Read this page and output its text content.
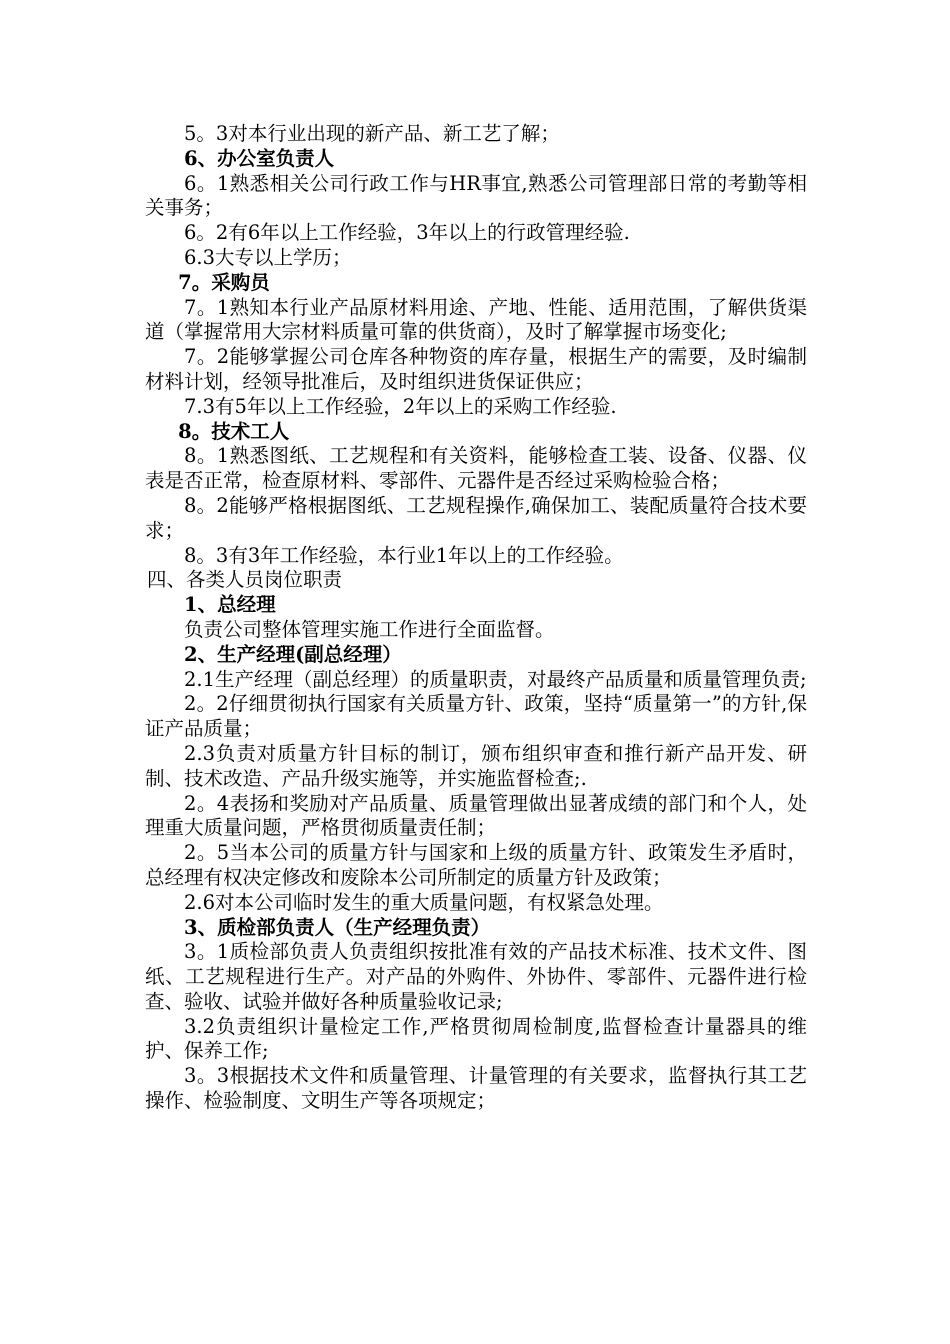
5。3对本行业出现的新产品、新工艺了解；
6、办公室负责人
6。1熟悉相关公司行政工作与HR事宜,熟悉公司管理部日常的考勤等相关事务；
6。2有6年以上工作经验，3年以上的行政管理经验.
6.3大专以上学历；
7。采购员
7。1熟知本行业产品原材料用途、产地、性能、适用范围，了解供货渠道（掌握常用大宗材料质量可靠的供货商），及时了解掌握市场变化;
7。2能够掌握公司仓库各种物资的库存量，根据生产的需要，及时编制材料计划，经领导批准后，及时组织进货保证供应；
7.3有5年以上工作经验，2年以上的采购工作经验.
8。技术工人
8。1熟悉图纸、工艺规程和有关资料，能够检查工装、设备、仪器、仪表是否正常，检查原材料、零部件、元器件是否经过采购检验合格；
8。2能够严格根据图纸、工艺规程操作,确保加工、装配质量符合技术要求；
8。3有3年工作经验，本行业1年以上的工作经验。
四、各类人员岗位职责
1、总经理
负责公司整体管理实施工作进行全面监督。
2、生产经理(副总经理）
2.1生产经理（副总经理）的质量职责，对最终产品质量和质量管理负责;
2。2仔细贯彻执行国家有关质量方针、政策，坚持“质量第一”的方针,保证产品质量；
2.3负责对质量方针目标的制订，颁布组织审查和推行新产品开发、研制、技术改造、产品升级实施等，并实施监督检查;.
2。4表扬和奖励对产品质量、质量管理做出显著成绩的部门和个人，处理重大质量问题，严格贯彻质量责任制；
2。5当本公司的质量方针与国家和上级的质量方针、政策发生矛盾时，总经理有权决定修改和废除本公司所制定的质量方针及政策；
2.6对本公司临时发生的重大质量问题，有权紧急处理。
3、质检部负责人（生产经理负责）
3。1质检部负责人负责组织按批准有效的产品技术标准、技术文件、图纸、工艺规程进行生产。对产品的外购件、外协件、零部件、元器件进行检查、验收、试验并做好各种质量验收记录;
3.2负责组织计量检定工作,严格贯彻周检制度,监督检查计量器具的维护、保养工作;
3。3根据技术文件和质量管理、计量管理的有关要求，监督执行其工艺操作、检验制度、文明生产等各项规定；
